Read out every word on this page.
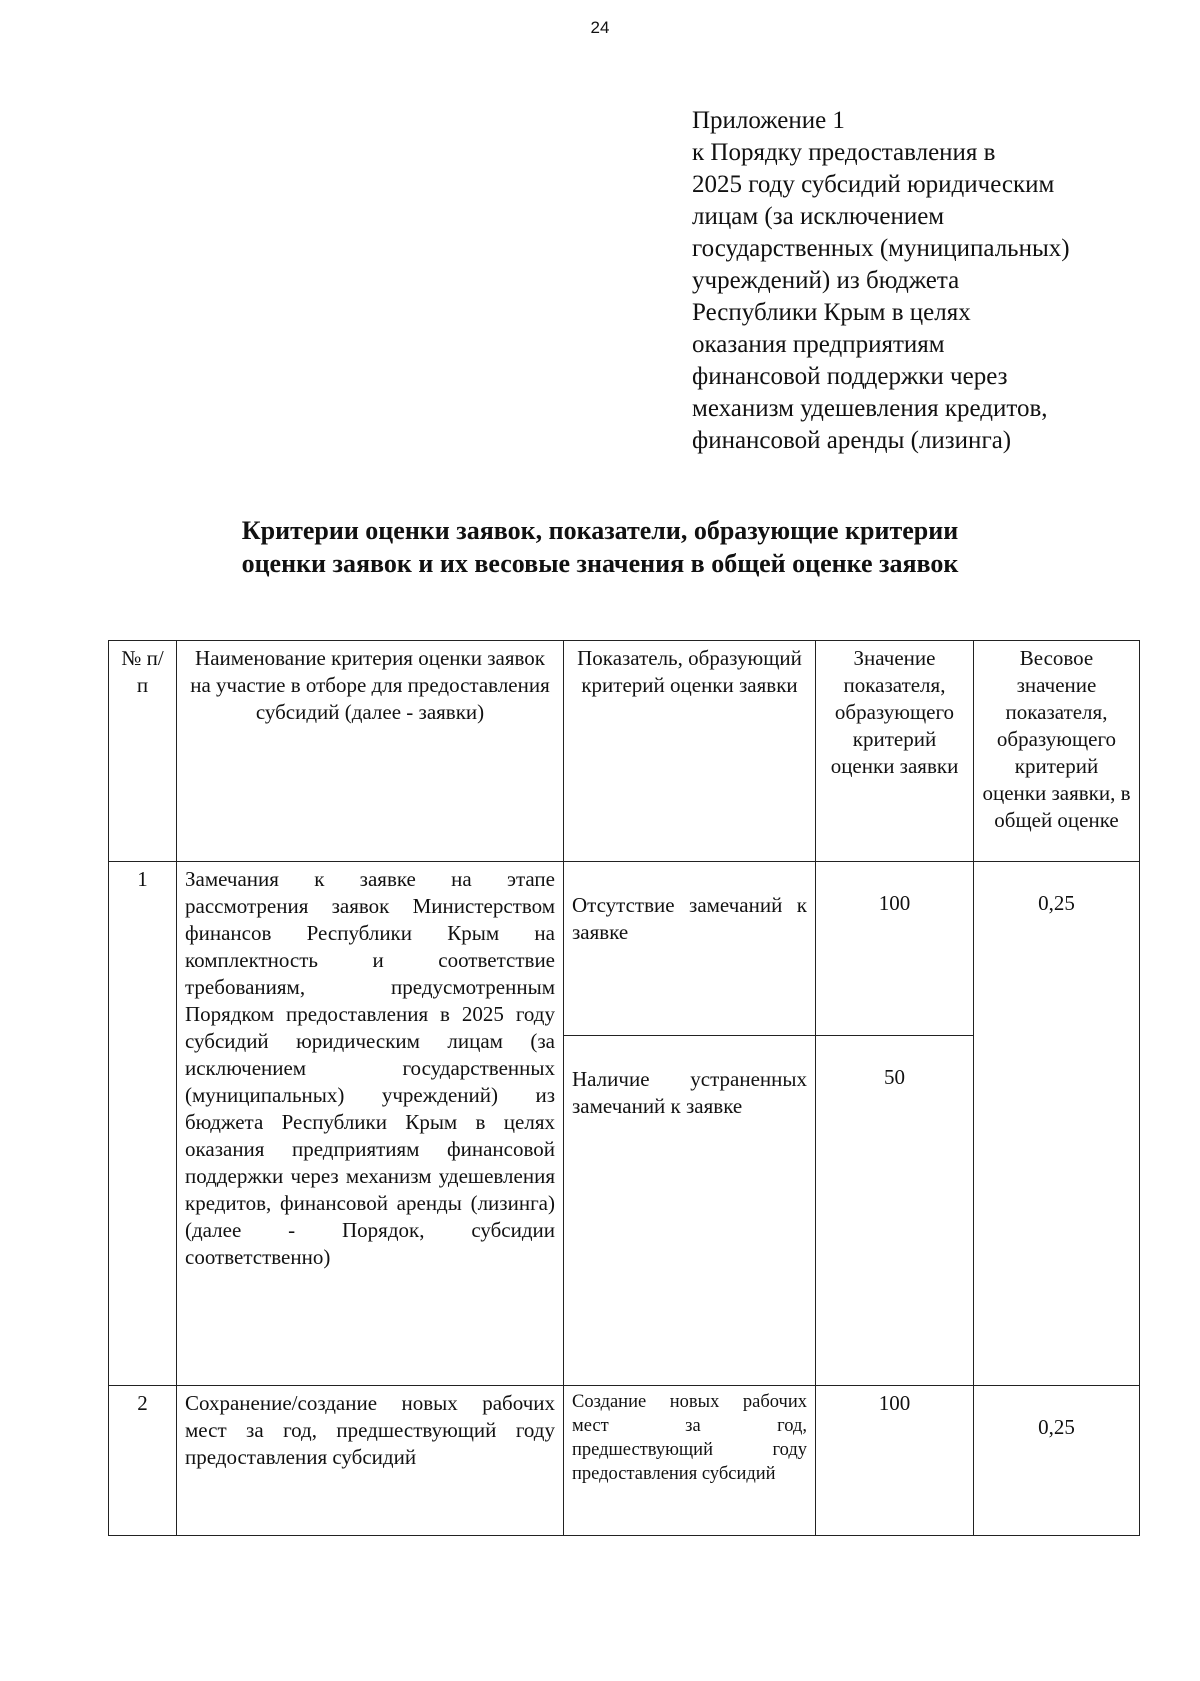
24
Приложение 1
к Порядку предоставления в
2025 году субсидий юридическим
лицам (за исключением
государственных (муниципальных)
учреждений) из бюджета
Республики Крым в целях
оказания предприятиям
финансовой поддержки через
механизм удешевления кредитов,
финансовой аренды (лизинга)
Критерии оценки заявок, показатели, образующие критерии
оценки заявок и их весовые значения в общей оценке заявок
№ п/п	Наименование критерия оценки заявок на участие в отборе для предоставления субсидий (далее - заявки)	Показатель, образующий критерий оценки заявки	Значение показателя, образующего критерий оценки заявки	Весовое значение показателя, образующего критерий оценки заявки, в общей оценке
1	Замечания к заявке на этапе рассмотрения заявок Министерством финансов Республики Крым на комплектность и соответствие требованиям, предусмотренным Порядком предоставления в 2025 году субсидий юридическим лицам (за исключением государственных (муниципальных) учреждений) из бюджета Республики Крым в целях оказания предприятиям финансовой поддержки через механизм удешевления кредитов, финансовой аренды (лизинга) (далее - Порядок, субсидии соответственно)	Отсутствие замечаний к заявке	100	0,25
		Наличие устраненных замечаний к заявке	50	
2	Сохранение/создание новых рабочих мест за год, предшествующий году предоставления субсидий	Создание новых рабочих мест за год, предшествующий году предоставления субсидий	100	0,25
